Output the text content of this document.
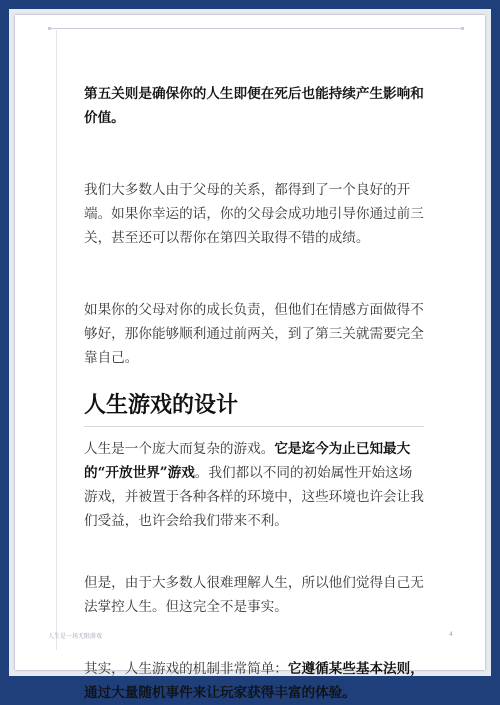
第五关则是确保你的人生即便在死后也能持续产生影响和价值。

我们大多数人由于父母的关系，都得到了一个良好的开端。如果你幸运的话，你的父母会成功地引导你通过前三关，甚至还可以帮你在第四关取得不错的成绩。

如果你的父母对你的成长负责，但他们在情感方面做得不够好，那你能够顺利通过前两关，到了第三关就需要完全靠自己。

人生游戏的设计

人生是一个庞大而复杂的游戏。它是迄今为止已知最大的“开放世界”游戏。我们都以不同的初始属性开始这场游戏，并被置于各种各样的环境中，这些环境也许会让我们受益，也许会给我们带来不利。

但是，由于大多数人很难理解人生，所以他们觉得自己无法掌控人生。但这完全不是事实。

其实，人生游戏的机制非常简单：它遵循某些基本法则，通过大量随机事件来让玩家获得丰富的体验。

人生是一场无限游戏	4
